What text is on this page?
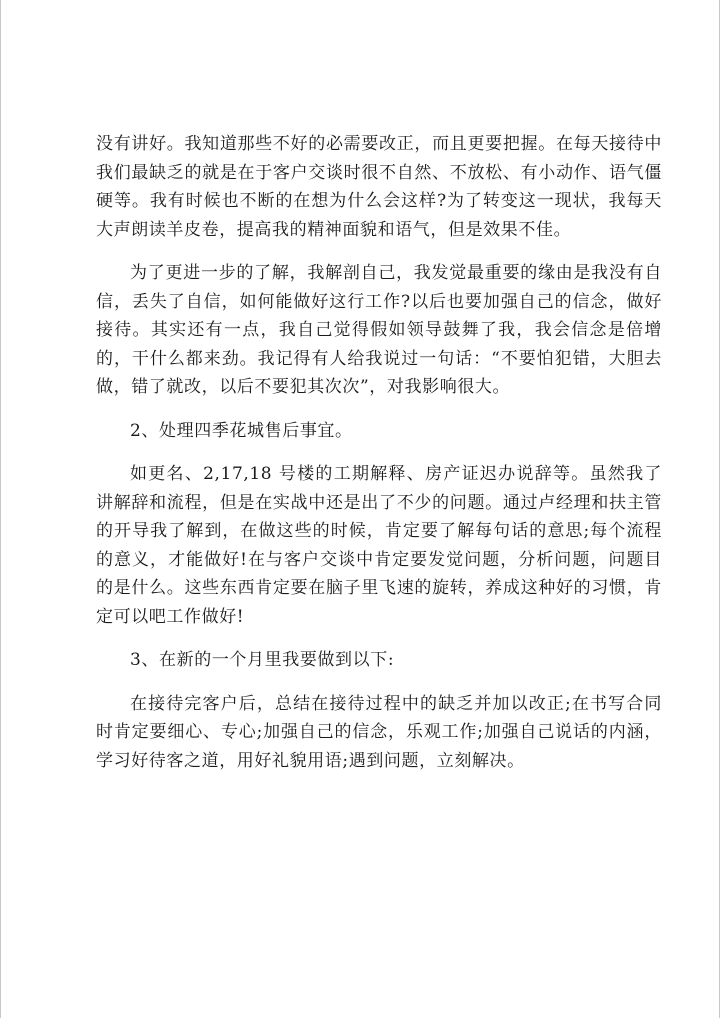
没有讲好。我知道那些不好的必需要改正，而且更要把握。在每天接待中我们最缺乏的就是在于客户交谈时很不自然、不放松、有小动作、语气僵硬等。我有时候也不断的在想为什么会这样?为了转变这一现状，我每天大声朗读羊皮卷，提高我的精神面貌和语气，但是效果不佳。

为了更进一步的了解，我解剖自己，我发觉最重要的缘由是我没有自信，丢失了自信，如何能做好这行工作?以后也要加强自己的信念，做好接待。其实还有一点，我自己觉得假如领导鼓舞了我，我会信念是倍增的，干什么都来劲。我记得有人给我说过一句话：“不要怕犯错，大胆去做，错了就改，以后不要犯其次次”，对我影响很大。

2、处理四季花城售后事宜。

如更名、2,17,18 号楼的工期解释、房产证迟办说辞等。虽然我了讲解辞和流程，但是在实战中还是出了不少的问题。通过卢经理和扶主管的开导我了解到，在做这些的时候，肯定要了解每句话的意思;每个流程的意义，才能做好!在与客户交谈中肯定要发觉问题，分析问题，问题目的是什么。这些东西肯定要在脑子里飞速的旋转，养成这种好的习惯，肯定可以吧工作做好!

3、在新的一个月里我要做到以下:

在接待完客户后，总结在接待过程中的缺乏并加以改正;在书写合同时肯定要细心、专心;加强自己的信念，乐观工作;加强自己说话的内涵，学习好待客之道，用好礼貌用语;遇到问题，立刻解决。
